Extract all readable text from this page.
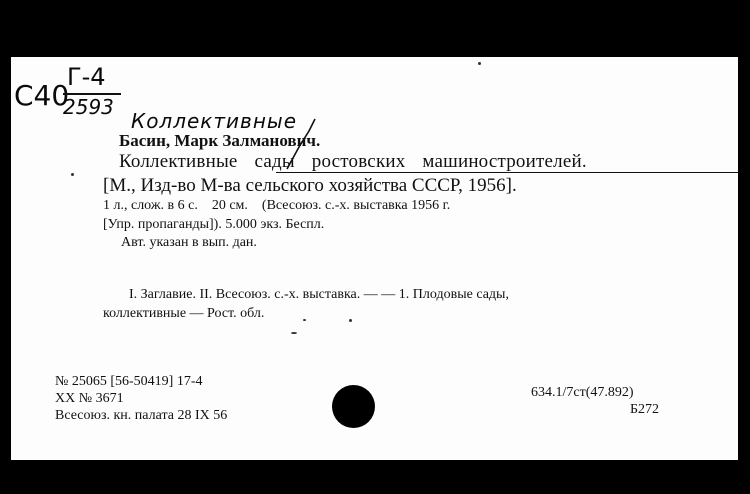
С40
Г-4
2593
Коллективные
Басин, Марк Залманович.
Коллективные сады ростовских машиностроителей.
[М., Изд-во М-ва сельского хозяйства СССР, 1956].
1 л., слож. в 6 с.    20 см.    (Всесоюз. с.-х. выставка 1956 г.
[Упр. пропаганды]). 5.000 экз. Беспл.
Авт. указан в вып. дан.
I. Заглавие. II. Всесоюз. с.-х. выставка. — — 1. Плодовые сады,
коллективные — Рост. обл.
№ 25065 [56-50419] 17-4
XX № 3671
Всесоюз. кн. палата 28 IX 56
634.1/7ст(47.892)
Б272
